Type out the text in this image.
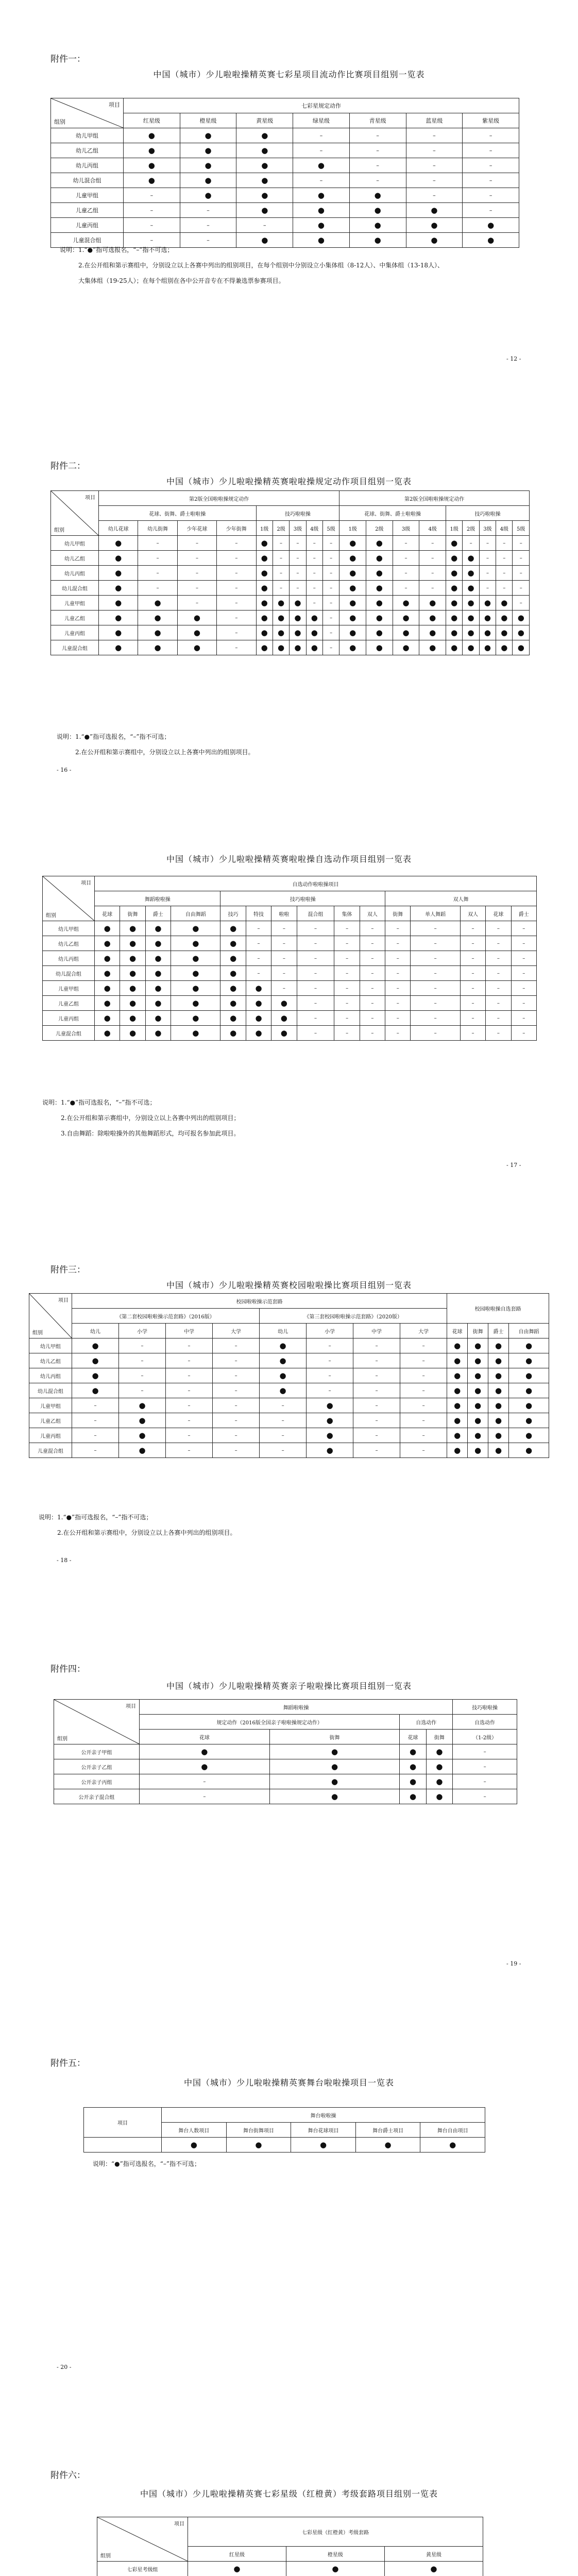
附件一：
中国（城市）少儿啦啦操精英赛七彩星项目流动作比赛项目组别一览表
项目
组别	七彩星规定动作						
	红星级	橙星级	黄星级	绿星级	青星级	蓝星级	紫星级
幼儿甲组	●	●	●	–	–	–	–
幼儿乙组	●	●	●	–	–	–	–
幼儿丙组	●	●	●	●	–	–	–
幼儿混合组	●	●	●	–	–	–	–
儿童甲组	–	●	●	●	●	–	–
儿童乙组	–	–	●	●	●	●	–
儿童丙组	–	–	–	●	●	●	●
儿童混合组	–	–	●	●	●	●	●
说明：1.“●”指可选报名，“–”指不可选；
2.在公开组和第示赛组中，分别设立以上各赛中列出的组别项目，在每个组别中分别设立小集体组（8-12人）、中集体组（13-18人）、
大集体组（19-25人）；在每个组别在各中公开音专在不得兼选票参赛项目。
- 12 -
附件二：
中国（城市）少儿啦啦操精英赛啦啦操规定动作项目组别一览表
项目
组别	第2版全国啦啦操规定动作									第2版全国啦啦操规定动作								
	花球、街舞、爵士啦啦操				技巧啦啦操					花球、街舞、爵士啦啦操				技巧啦啦操				
	幼儿花球	幼儿街舞	少年花球	少年街舞	1级	2级	3级	4级	5级	1级	2级	3级	4级	1级	2级	3级	4级	5级
幼儿甲组	●	–	–	–	●	–	–	–	–	●	●	–	–	●	–	–	–	–
幼儿乙组	●	–	–	–	●	–	–	–	–	●	●	–	–	●	●	–	–	–
幼儿丙组	●	–	–	–	●	–	–	–	–	●	●	–	–	●	●	–	–	–
幼儿混合组	●	–	–	–	●	–	–	–	–	●	●	–	–	●	●	–	–	–
儿童甲组	●	●	–	–	●	●	●	–	–	●	●	●	●	●	●	●	●	–
儿童乙组	●	●	●	–	●	●	●	●	–	●	●	●	●	●	●	●	●	●
儿童丙组	●	●	●	–	●	●	●	●	–	●	●	●	●	●	●	●	●	●
儿童混合组	●	●	●	–	●	●	●	●	–	●	●	●	●	●	●	●	●	●
说明：1.“●”指可选报名，“–”指不可选；
2.在公开组和第示赛组中，分别设立以上各赛中列出的组别项目。
- 16 -
中国（城市）少儿啦啦操精英赛啦啦操自选动作项目组别一览表
项目
组别	自选动作啦啦操项目														
	舞蹈啦啦操				技巧啦啦操						双人舞				
	花球	街舞	爵士	自由舞蹈	技巧	特技	啦啦	混合组	集体	双人	街舞	单人舞蹈	双人	花球	爵士
幼儿甲组	●	●	●	●	●	–	–	–	–	–	–	–	–	–	–
幼儿乙组	●	●	●	●	●	–	–	–	–	–	–	–	–	–	–
幼儿丙组	●	●	●	●	●	–	–	–	–	–	–	–	–	–	–
幼儿混合组	●	●	●	●	●	–	–	–	–	–	–	–	–	–	–
儿童甲组	●	●	●	●	●	●	–	–	–	–	–	–	–	–	–
儿童乙组	●	●	●	●	●	●	●	–	–	–	–	–	–	–	–
儿童丙组	●	●	●	●	●	●	●	–	–	–	–	–	–	–	–
儿童混合组	●	●	●	●	●	●	●	–	–	–	–	–	–	–	–
说明：1.“●”指可选报名，“–”指不可选；
2.在公开组和第示赛组中，分别设立以上各赛中列出的组别项目；
3.自由舞蹈：除啦啦操外的其他舞蹈形式，均可报名参加此项目。
- 17 -
附件三：
中国（城市）少儿啦啦操精英赛校园啦啦操比赛项目组别一览表
项目
组别	校园啦啦操示范套路								校园啦啦操自选套路			
	《第二套校园啦啦操示范套路》（2016版）				《第三套校园啦啦操示范套路》（2020版）							
	幼儿	小学	中学	大学	幼儿	小学	中学	大学	花球	街舞	爵士	自由舞蹈
幼儿甲组	●	–	–	–	●	–	–	–	●	●	●	●
幼儿乙组	●	–	–	–	●	–	–	–	●	●	●	●
幼儿丙组	●	–	–	–	●	–	–	–	●	●	●	●
幼儿混合组	●	–	–	–	●	–	–	–	●	●	●	●
儿童甲组	–	●	–	–	–	●	–	–	●	●	●	●
儿童乙组	–	●	–	–	–	●	–	–	●	●	●	●
儿童丙组	–	●	–	–	–	●	–	–	●	●	●	●
儿童混合组	–	●	–	–	–	●	–	–	●	●	●	●
说明：1.“●”指可选报名，“–”指不可选；
2.在公开组和第示赛组中，分别设立以上各赛中列出的组别项目。
- 18 -
附件四：
中国（城市）少儿啦啦操精英赛亲子啦啦操比赛项目组别一览表
项目
组别	舞蹈啦啦操				技巧啦啦操
	规定动作（2016版全国亲子啦啦操规定动作）		自选动作		自选动作
	花球	街舞	花球	街舞	（1-2级）
公开亲子甲组	●	●	●	●	–
公开亲子乙组	●	●	●	●	–
公开亲子丙组	–	●	●	●	–
公开亲子混合组	–	●	●	●	–
- 19 -
附件五：
中国（城市）少儿啦啦操精英赛舞台啦啦操项目一览表
项目	舞台啦啦操				
	舞台人数项目	舞台街舞项目	舞台花球项目	舞台爵士项目	舞台自由项目
	●	●	●	●	●
说明：“●”指可选报名，“–”指不可选；
- 20 -
附件六：
中国（城市）少儿啦啦操精英赛七彩星级（红橙黄）考级套路项目组别一览表
项目
组别	七彩星级（红橙黄）考级套路		
	红星级	橙星级	黄星级
七彩星考级组	●	●	●
